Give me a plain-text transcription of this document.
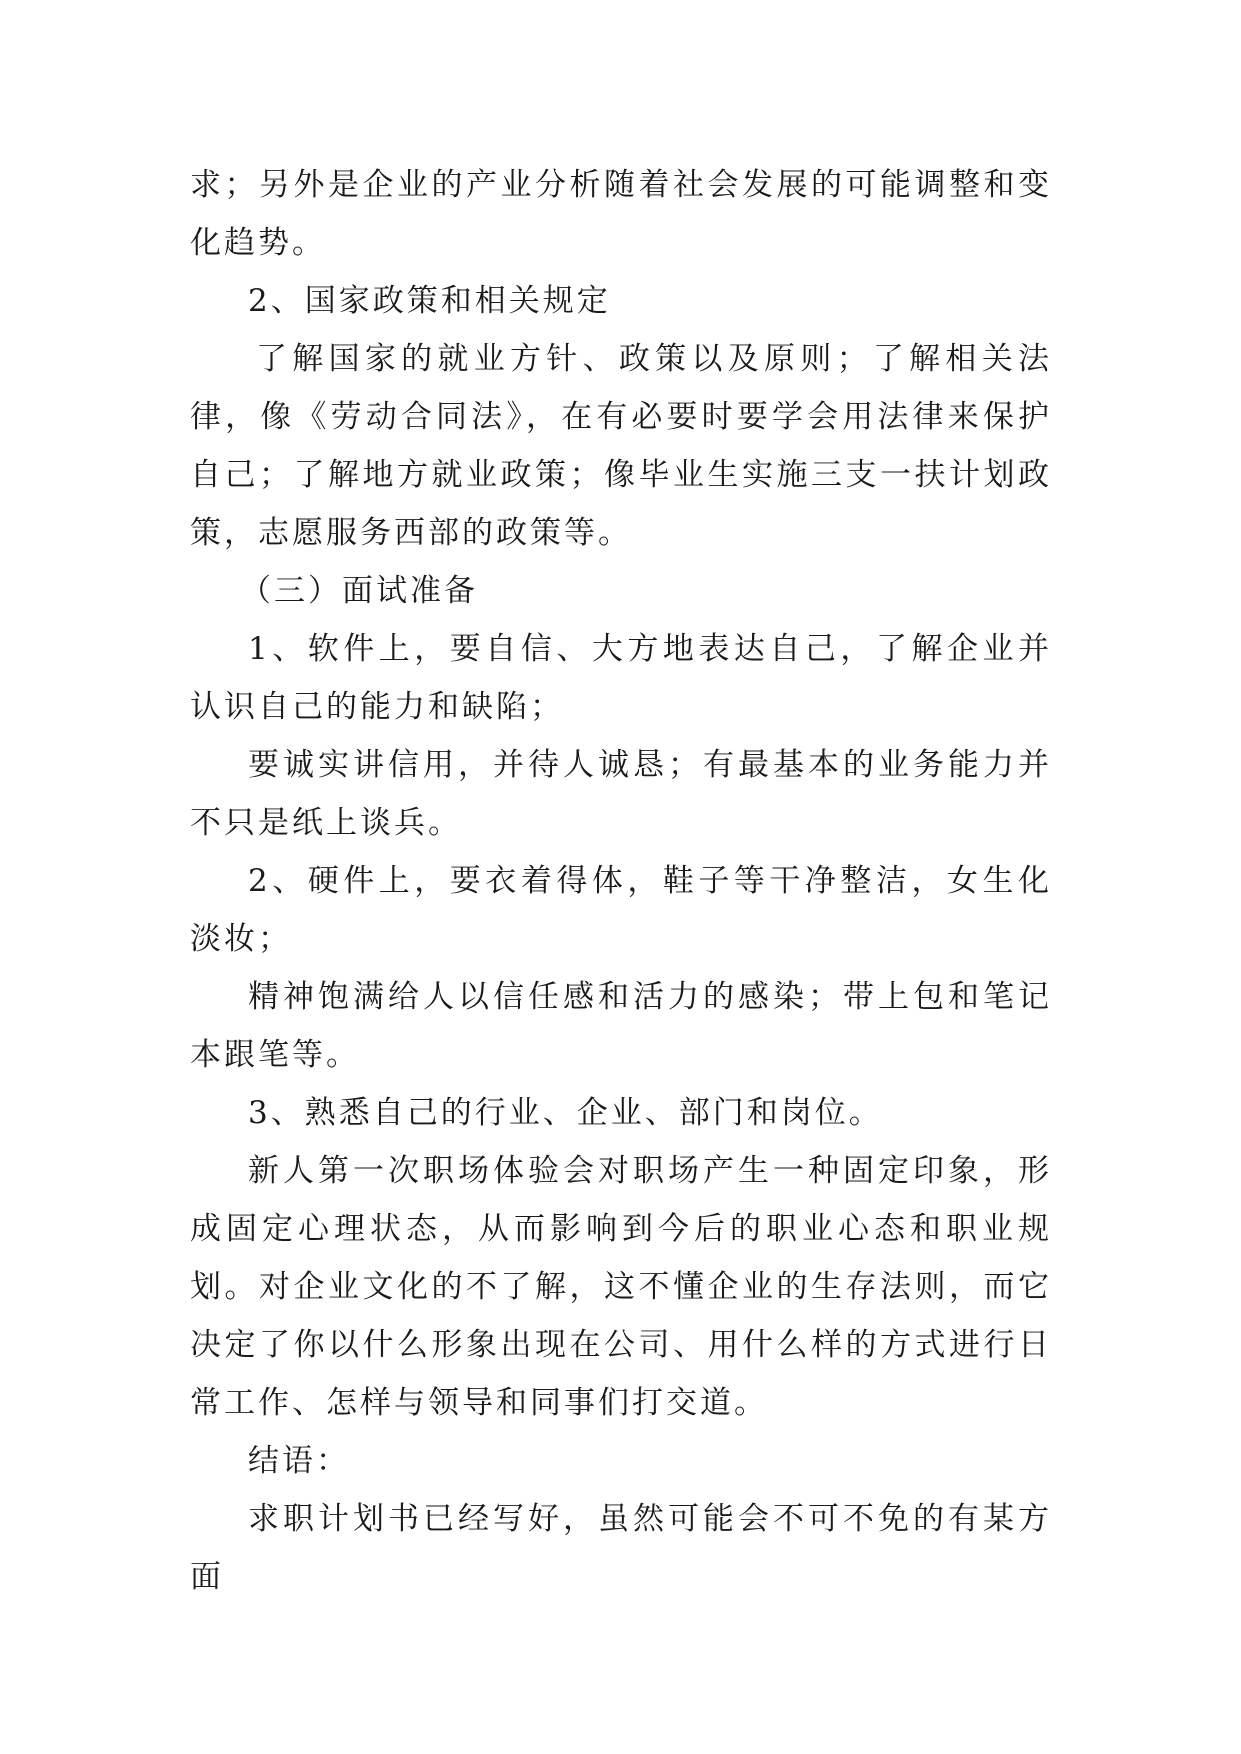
求；另外是企业的产业分析随着社会发展的可能调整和变化趋势。

2、国家政策和相关规定

了解国家的就业方针、政策以及原则；了解相关法律，像《劳动合同法》，在有必要时要学会用法律来保护自己；了解地方就业政策；像毕业生实施三支一扶计划政策，志愿服务西部的政策等。

（三）面试准备

1、软件上，要自信、大方地表达自己，了解企业并认识自己的能力和缺陷；

要诚实讲信用，并待人诚恳；有最基本的业务能力并不只是纸上谈兵。

2、硬件上，要衣着得体，鞋子等干净整洁，女生化淡妆；

精神饱满给人以信任感和活力的感染；带上包和笔记本跟笔等。

3、熟悉自己的行业、企业、部门和岗位。

新人第一次职场体验会对职场产生一种固定印象，形成固定心理状态，从而影响到今后的职业心态和职业规划。对企业文化的不了解，这不懂企业的生存法则，而它决定了你以什么形象出现在公司、用什么样的方式进行日常工作、怎样与领导和同事们打交道。

结语：

求职计划书已经写好，虽然可能会不可不免的有某方面
